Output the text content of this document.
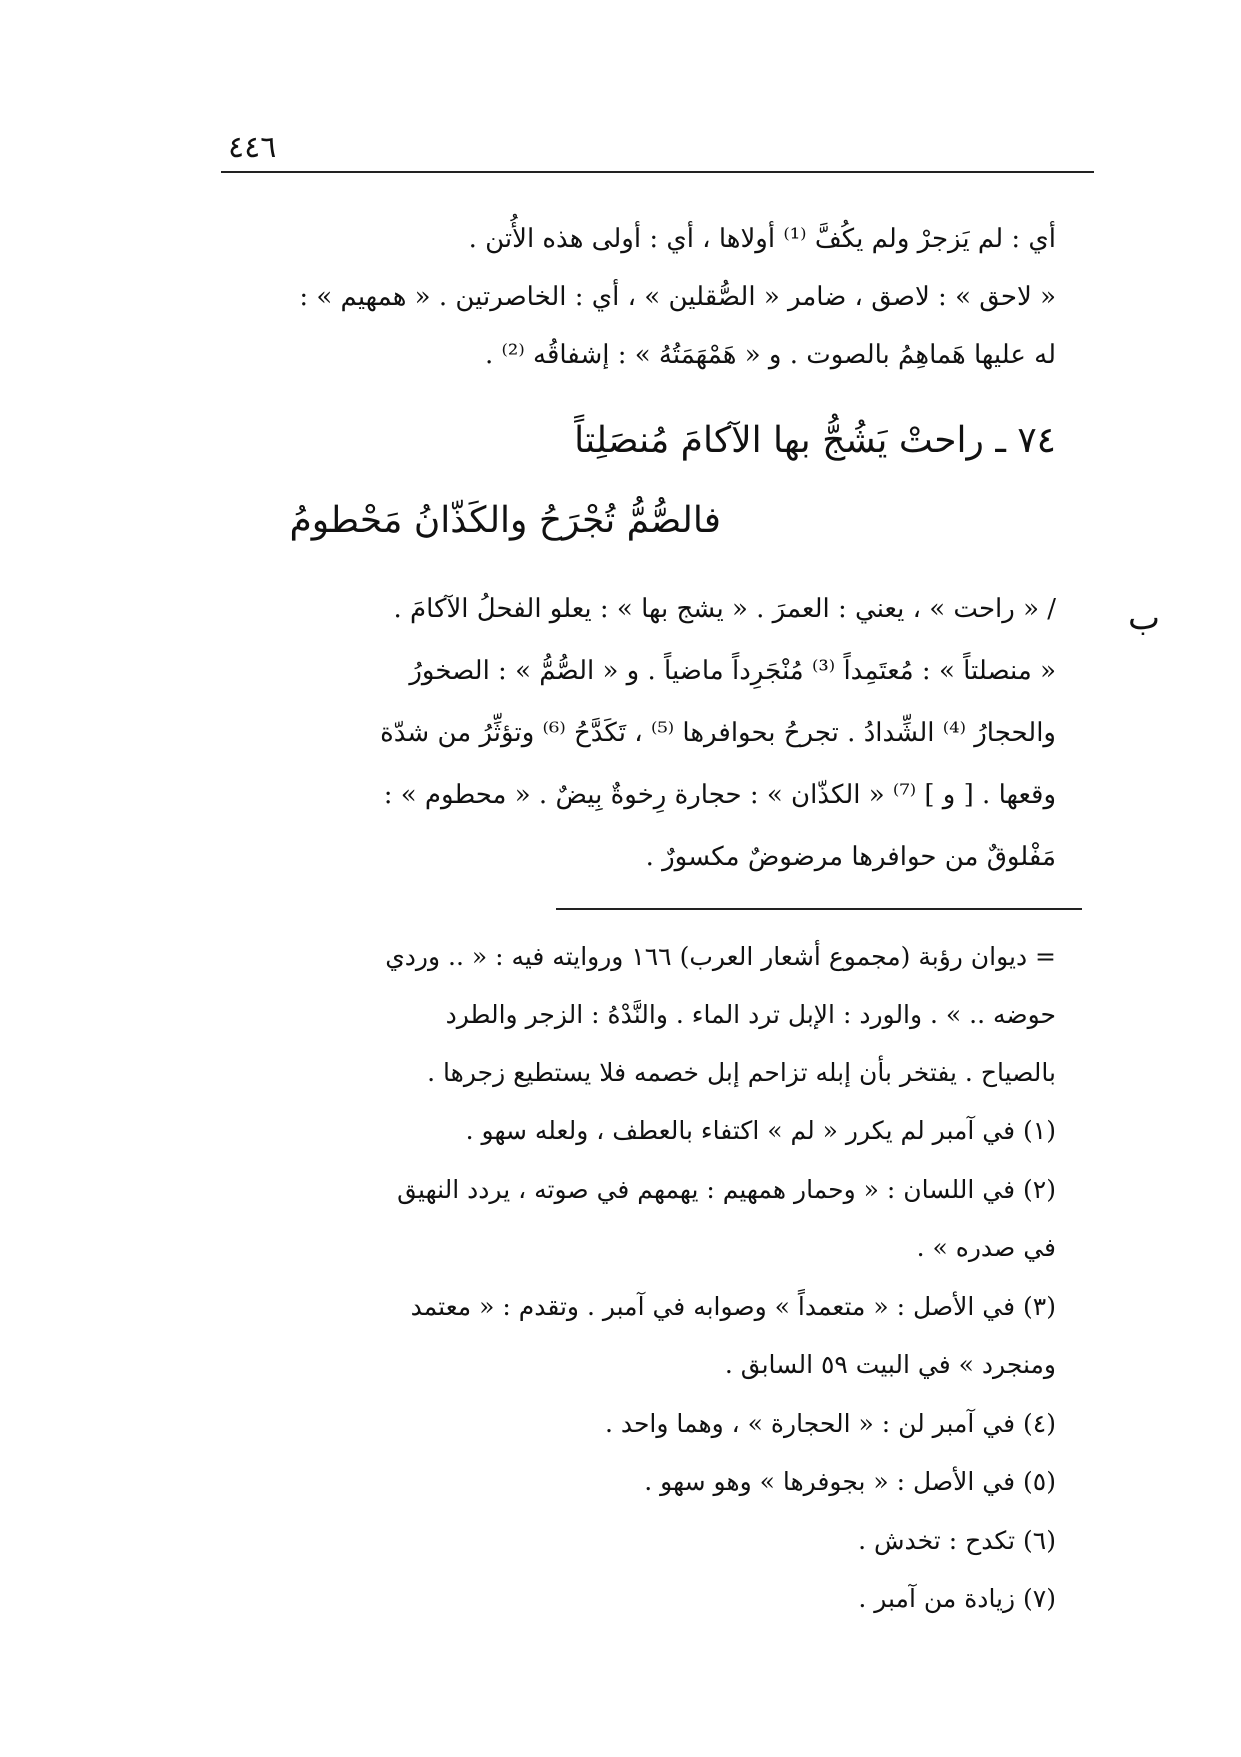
٤٤٦
أي : لم يَزجرْ ولم يكُفَّ ⁽¹⁾ أولاها ، أي : أولى هذه الأُتن .
« لاحق » : لاصق ، ضامر « الصُّقلين » ، أي : الخاصرتين . « همهيم » :
له عليها هَماهِمُ بالصوت . و « هَمْهَمَتُهُ » : إشفاقُه ⁽²⁾ .
٧٤ ـ راحتْ يَشُجُّ بها الآكامَ مُنصَلِتاً
فالصُّمُّ تُجْرَحُ والكَذّانُ مَحْطومُ
ب
/ « راحت » ، يعني : العمرَ . « يشج بها » : يعلو الفحلُ الآكامَ .
« منصلتاً » : مُعتَمِداً ⁽³⁾ مُنْجَرِداً ماضياً . و « الصُّمُّ » : الصخورُ
والحجارُ ⁽⁴⁾ الشِّدادُ . تجرحُ بحوافرها ⁽⁵⁾ ، تَكَدَّحُ ⁽⁶⁾ وتؤثِّرُ من شدّة
وقعها . [ و ] ⁽⁷⁾ « الكذّان » : حجارة رِخوةٌ بِيضٌ . « محطوم » :
مَفْلوقٌ من حوافرها مرضوضٌ مكسورٌ .
= ديوان رؤبة (مجموع أشعار العرب) ١٦٦ وروايته فيه : « .. وردي
حوضه .. » . والورد : الإبل ترد الماء . والنَّدْهُ : الزجر والطرد
بالصياح . يفتخر بأن إبله تزاحم إبل خصمه فلا يستطيع زجرها .
(١) في آمبر لم يكرر « لم » اكتفاء بالعطف ، ولعله سهو .
(٢) في اللسان : « وحمار همهيم : يهمهم في صوته ، يردد النهيق
في صدره » .
(٣) في الأصل : « متعمداً » وصوابه في آمبر . وتقدم : « معتمد
ومنجرد » في البيت ٥٩ السابق .
(٤) في آمبر لن : « الحجارة » ، وهما واحد .
(٥) في الأصل : « بجوفرها » وهو سهو .
(٦) تكدح : تخدش .
(٧) زيادة من آمبر .
